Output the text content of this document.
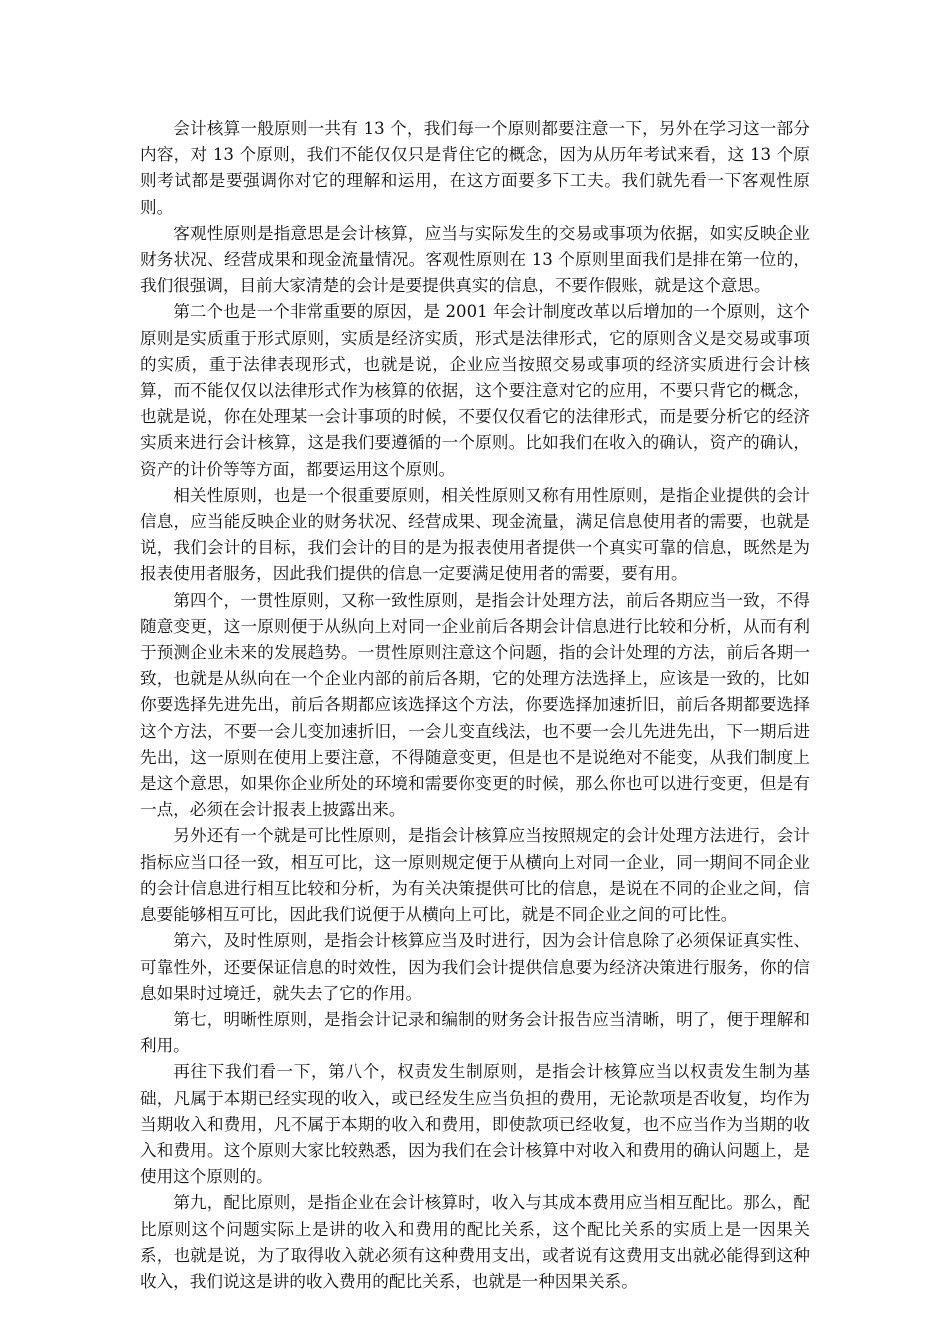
会计核算一般原则一共有 13 个，我们每一个原则都要注意一下，另外在学习这一部分内容，对 13 个原则，我们不能仅仅只是背住它的概念，因为从历年考试来看，这 13 个原则考试都是要强调你对它的理解和运用，在这方面要多下工夫。我们就先看一下客观性原则。

客观性原则是指意思是会计核算，应当与实际发生的交易或事项为依据，如实反映企业财务状况、经营成果和现金流量情况。客观性原则在 13 个原则里面我们是排在第一位的，我们很强调，目前大家清楚的会计是要提供真实的信息，不要作假账，就是这个意思。

第二个也是一个非常重要的原因，是 2001 年会计制度改革以后增加的一个原则，这个原则是实质重于形式原则，实质是经济实质，形式是法律形式，它的原则含义是交易或事项的实质，重于法律表现形式，也就是说，企业应当按照交易或事项的经济实质进行会计核算，而不能仅仅以法律形式作为核算的依据，这个要注意对它的应用，不要只背它的概念，也就是说，你在处理某一会计事项的时候，不要仅仅看它的法律形式，而是要分析它的经济实质来进行会计核算，这是我们要遵循的一个原则。比如我们在收入的确认，资产的确认，资产的计价等等方面，都要运用这个原则。

相关性原则，也是一个很重要原则，相关性原则又称有用性原则，是指企业提供的会计信息，应当能反映企业的财务状况、经营成果、现金流量，满足信息使用者的需要，也就是说，我们会计的目标，我们会计的目的是为报表使用者提供一个真实可靠的信息，既然是为报表使用者服务，因此我们提供的信息一定要满足使用者的需要，要有用。

第四个，一贯性原则，又称一致性原则，是指会计处理方法，前后各期应当一致，不得随意变更，这一原则便于从纵向上对同一企业前后各期会计信息进行比较和分析，从而有利于预测企业未来的发展趋势。一贯性原则注意这个问题，指的会计处理的方法，前后各期一致，也就是从纵向在一个企业内部的前后各期，它的处理方法选择上，应该是一致的，比如你要选择先进先出，前后各期都应该选择这个方法，你要选择加速折旧，前后各期都要选择这个方法，不要一会儿变加速折旧，一会儿变直线法，也不要一会儿先进先出，下一期后进先出，这一原则在使用上要注意，不得随意变更，但是也不是说绝对不能变，从我们制度上是这个意思，如果你企业所处的环境和需要你变更的时候，那么你也可以进行变更，但是有一点，必须在会计报表上披露出来。

另外还有一个就是可比性原则，是指会计核算应当按照规定的会计处理方法进行，会计指标应当口径一致，相互可比，这一原则规定便于从横向上对同一企业，同一期间不同企业的会计信息进行相互比较和分析，为有关决策提供可比的信息，是说在不同的企业之间，信息要能够相互可比，因此我们说便于从横向上可比，就是不同企业之间的可比性。

第六，及时性原则，是指会计核算应当及时进行，因为会计信息除了必须保证真实性、可靠性外，还要保证信息的时效性，因为我们会计提供信息要为经济决策进行服务，你的信息如果时过境迁，就失去了它的作用。

第七，明晰性原则，是指会计记录和编制的财务会计报告应当清晰，明了，便于理解和利用。

再往下我们看一下，第八个，权责发生制原则，是指会计核算应当以权责发生制为基础，凡属于本期已经实现的收入，或已经发生应当负担的费用，无论款项是否收复，均作为当期收入和费用，凡不属于本期的收入和费用，即使款项已经收复，也不应当作为当期的收入和费用。这个原则大家比较熟悉，因为我们在会计核算中对收入和费用的确认问题上，是使用这个原则的。

第九，配比原则，是指企业在会计核算时，收入与其成本费用应当相互配比。那么，配比原则这个问题实际上是讲的收入和费用的配比关系，这个配比关系的实质上是一因果关系，也就是说，为了取得收入就必须有这种费用支出，或者说有这费用支出就必能得到这种收入，我们说这是讲的收入费用的配比关系，也就是一种因果关系。
